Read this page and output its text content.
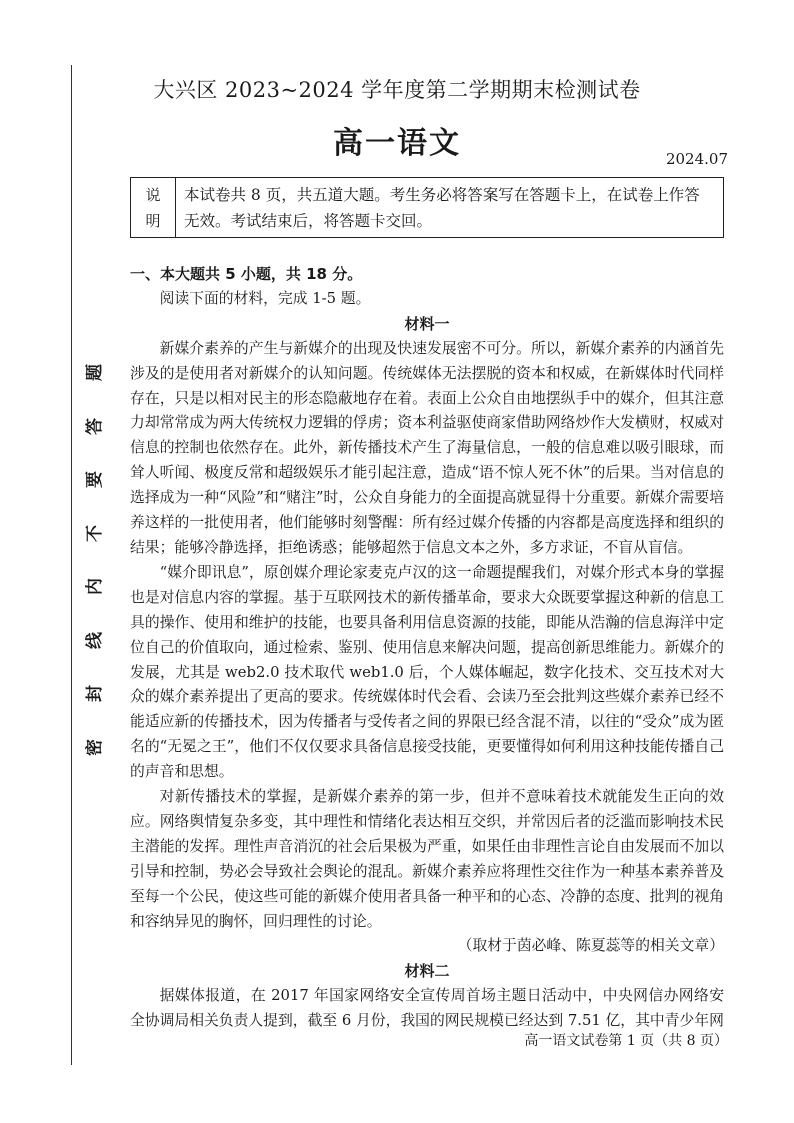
题
答
要
不
内
线
封
密
大兴区 2023~2024 学年度第二学期期末检测试卷
高一语文	2024.07
说
明
本试卷共 8 页，共五道大题。考生务必将答案写在答题卡上，在试卷上作答无效。考试结束后，将答题卡交回。

一、本大题共 5 小题，共 18 分。

阅读下面的材料，完成 1-5 题。

材料一

新媒介素养的产生与新媒介的出现及快速发展密不可分。所以，新媒介素养的内涵首先涉及的是使用者对新媒介的认知问题。传统媒体无法摆脱的资本和权威，在新媒体时代同样存在，只是以相对民主的形态隐蔽地存在着。表面上公众自由地摆纵手中的媒介，但其注意力却常常成为两大传统权力逻辑的俘虏；资本利益驱使商家借助网络炒作大发横财，权威对信息的控制也依然存在。此外，新传播技术产生了海量信息，一般的信息难以吸引眼球，而耸人听闻、极度反常和超级娱乐才能引起注意，造成“语不惊人死不休”的后果。当对信息的选择成为一种“风险”和“赌注”时，公众自身能力的全面提高就显得十分重要。新媒介需要培养这样的一批使用者，他们能够时刻警醒：所有经过媒介传播的内容都是高度选择和组织的结果；能够冷静选择，拒绝诱惑；能够超然于信息文本之外，多方求证，不盲从盲信。

“媒介即讯息”，原创媒介理论家麦克卢汉的这一命题提醒我们，对媒介形式本身的掌握也是对信息内容的掌握。基于互联网技术的新传播革命，要求大众既要掌握这种新的信息工具的操作、使用和维护的技能，也要具备利用信息资源的技能，即能从浩瀚的信息海洋中定位自己的价值取向，通过检索、鉴别、使用信息来解决问题，提高创新思维能力。新媒介的发展，尤其是 web2.0 技术取代 web1.0 后，个人媒体崛起，数字化技术、交互技术对大众的媒介素养提出了更高的要求。传统媒体时代会看、会读乃至会批判这些媒介素养已经不能适应新的传播技术，因为传播者与受传者之间的界限已经含混不清，以往的“受众”成为匿名的“无冕之王”，他们不仅仅要求具备信息接受技能，更要懂得如何利用这种技能传播自己的声音和思想。

对新传播技术的掌握，是新媒介素养的第一步，但并不意味着技术就能发生正向的效应。网络舆情复杂多变，其中理性和情绪化表达相互交织，并常因后者的泛滥而影响技术民主潜能的发挥。理性声音消沉的社会后果极为严重，如果任由非理性言论自由发展而不加以引导和控制，势必会导致社会舆论的混乱。新媒介素养应将理性交往作为一种基本素养普及至每一个公民，使这些可能的新媒介使用者具备一种平和的心态、冷静的态度、批判的视角和容纳异见的胸怀，回归理性的讨论。

（取材于茵必峰、陈夏蕊等的相关文章）

材料二

据媒体报道，在 2017 年国家网络安全宣传周首场主题日活动中，中央网信办网络安全协调局相关负责人提到，截至 6 月份，我国的网民规模已经达到 7.51 亿，其中青少年网

高一语文试卷第 1 页（共 8 页）
